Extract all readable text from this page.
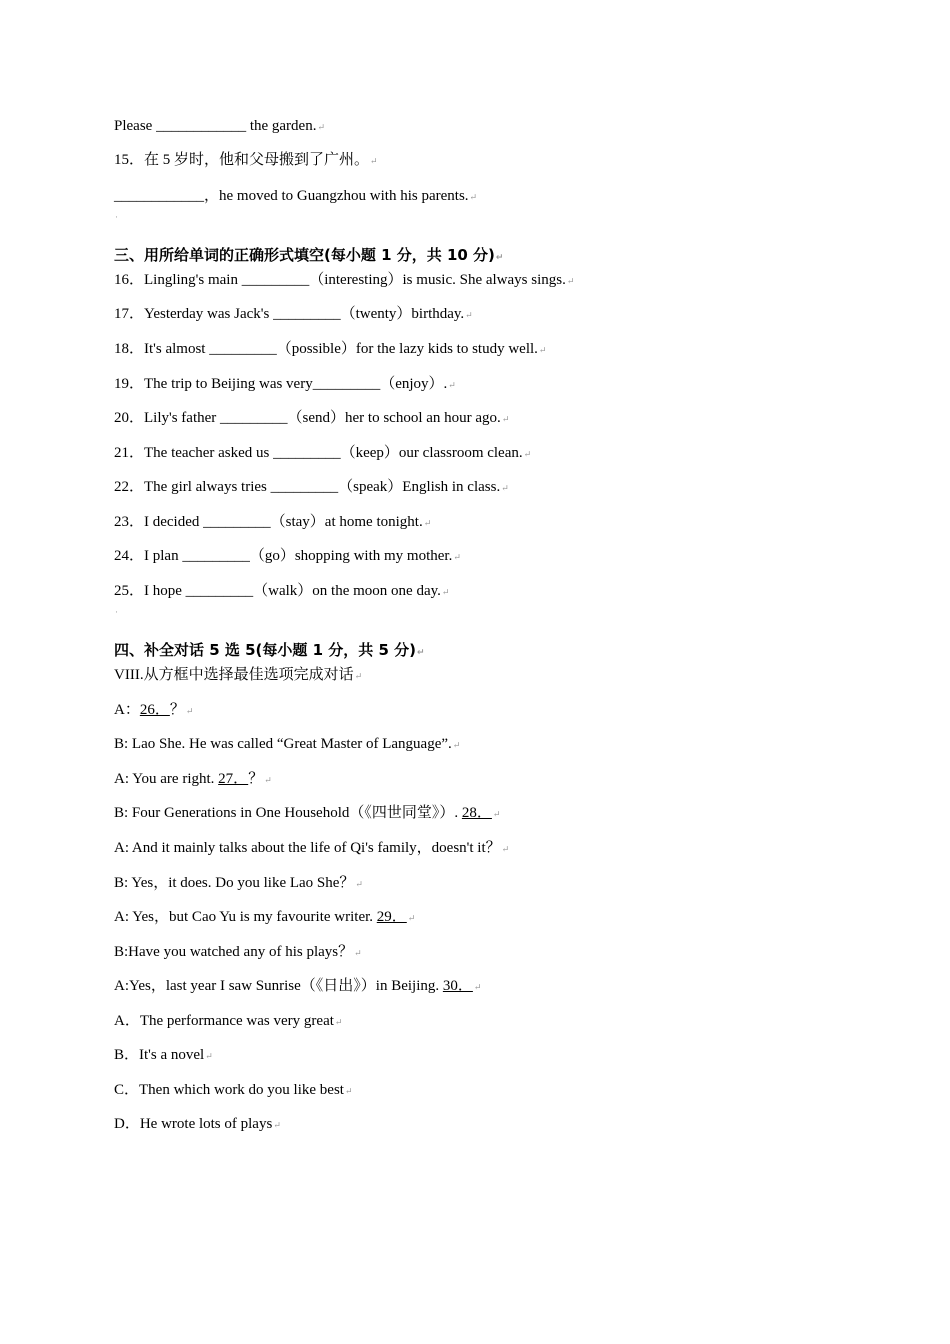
Please ____________ the garden.↵
15．在 5 岁时，他和父母搬到了广州。↵
____________，he moved to Guangzhou with his parents.↵
·
三、用所给单词的正确形式填空(每小题 1 分，共 10 分)↵
16．Lingling's main _________（interesting）is music. She always sings.↵
17．Yesterday was Jack's _________（twenty）birthday.↵
18．It's almost _________（possible）for the lazy kids to study well.↵
19．The trip to Beijing was very_________（enjoy）.↵
20．Lily's father _________（send）her to school an hour ago.↵
21．The teacher asked us _________（keep）our classroom clean.↵
22．The girl always tries _________（speak）English in class.↵
23．I decided _________（stay）at home tonight.↵
24．I plan _________（go）shopping with my mother.↵
25．I hope _________（walk）on the moon one day.↵
·
四、补全对话 5 选 5(每小题 1 分，共 5 分)↵
VIII.从方框中选择最佳选项完成对话↵
A：26．？↵
B: Lao She. He was called “Great Master of Language”.↵
A: You are right. 27．？↵
B: Four Generations in One Household（《四世同堂》）. 28．↵
A: And it mainly talks about the life of Qi's family，doesn't it？↵
B: Yes，it does. Do you like Lao She？↵
A: Yes，but Cao Yu is my favourite writer. 29．↵
B:Have you watched any of his plays？↵
A:Yes，last year I saw Sunrise（《日出》）in Beijing. 30．↵
A．The performance was very great↵
B．It's a novel↵
C．Then which work do you like best↵
D．He wrote lots of plays↵
